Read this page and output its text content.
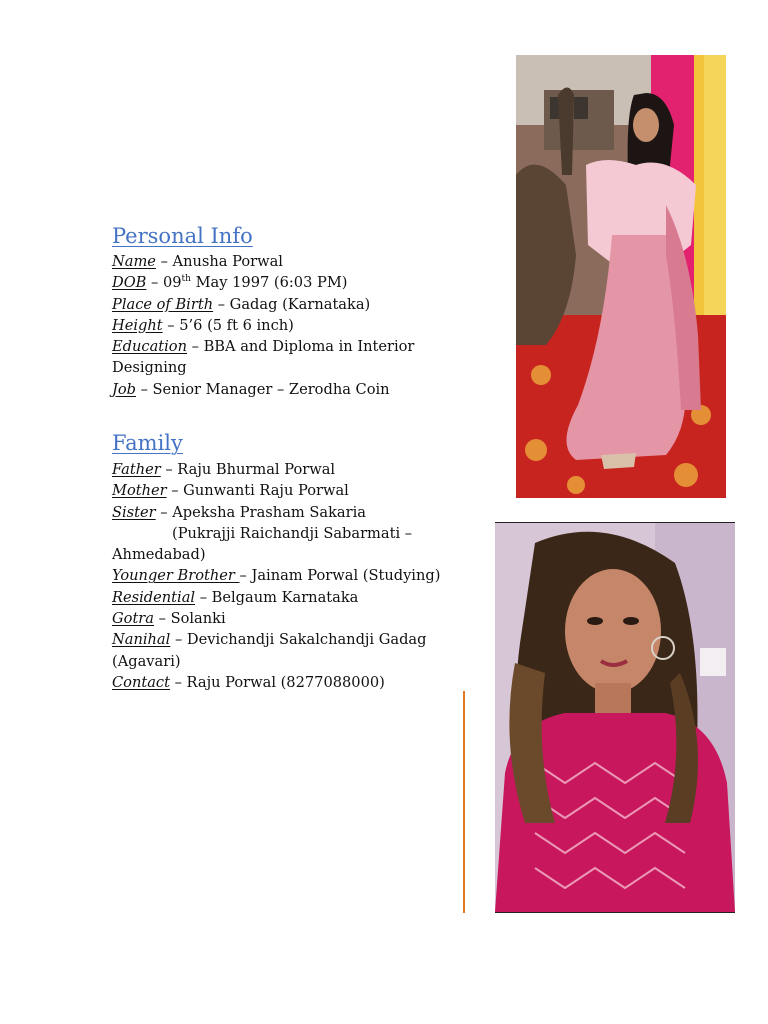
Personal Info

Name – Anusha Porwal

DOB – 09th May 1997 (6:03 PM)

Place of Birth – Gadag (Karnataka)

Height – 5’6 (5 ft 6 inch)

Education – BBA and Diploma in Interior

Designing

Job – Senior Manager – Zerodha Coin

Family

Father – Raju Bhurmal Porwal

Mother – Gunwanti Raju Porwal

Sister – Apeksha Prasham Sakaria

(Pukrajji Raichandji Sabarmati –

Ahmedabad)

Younger Brother – Jainam Porwal (Studying)

Residential – Belgaum Karnataka

Gotra – Solanki

Nanihal – Devichandji Sakalchandji Gadag

(Agavari)

Contact – Raju Porwal (8277088000)
